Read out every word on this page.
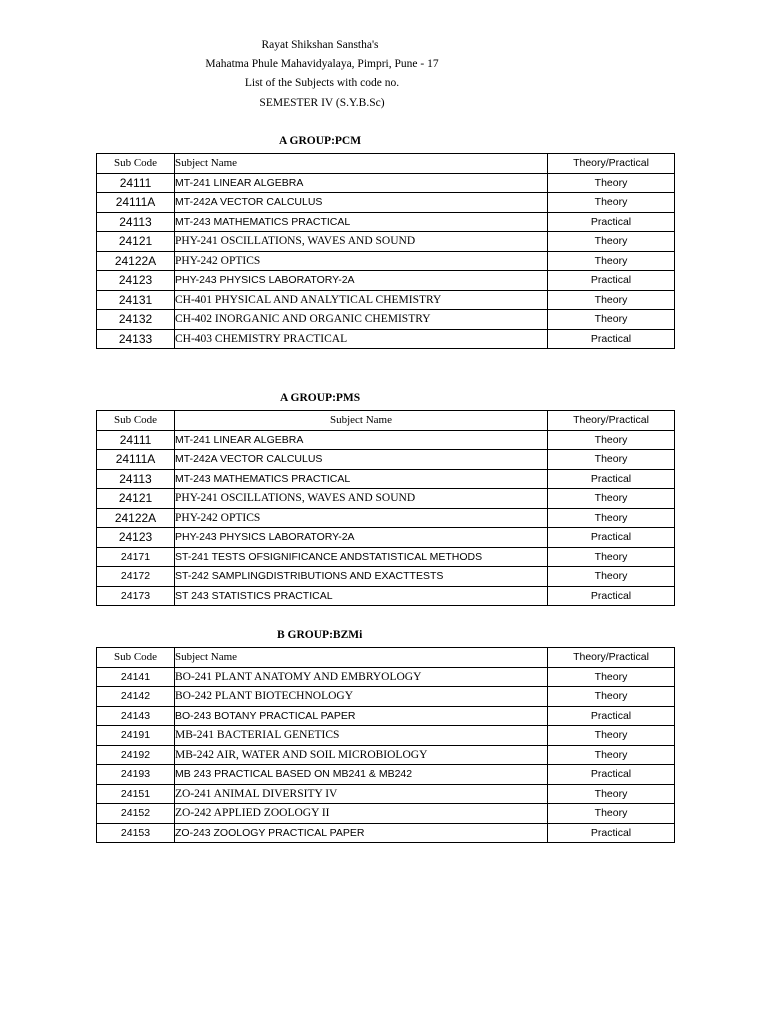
Rayat Shikshan Sanstha's
Mahatma Phule Mahavidyalaya, Pimpri, Pune - 17
List of the Subjects with code no.
SEMESTER IV (S.Y.B.Sc)
A GROUP:PCM
Sub Code	Subject Name	Theory/Practical
24111	MT-241 LINEAR ALGEBRA	Theory
24111A	MT-242A VECTOR CALCULUS	Theory
24113	MT-243 MATHEMATICS PRACTICAL	Practical
24121	PHY-241 OSCILLATIONS, WAVES AND SOUND	Theory
24122A	PHY-242 OPTICS	Theory
24123	PHY-243 PHYSICS LABORATORY-2A	Practical
24131	CH-401 PHYSICAL AND ANALYTICAL CHEMISTRY	Theory
24132	CH-402 INORGANIC AND ORGANIC CHEMISTRY	Theory
24133	CH-403 CHEMISTRY PRACTICAL	Practical
A GROUP:PMS
Sub Code	Subject Name	Theory/Practical
24111	MT-241 LINEAR ALGEBRA	Theory
24111A	MT-242A VECTOR CALCULUS	Theory
24113	MT-243 MATHEMATICS PRACTICAL	Practical
24121	PHY-241 OSCILLATIONS, WAVES AND SOUND	Theory
24122A	PHY-242 OPTICS	Theory
24123	PHY-243 PHYSICS LABORATORY-2A	Practical
24171	ST-241 TESTS OFSIGNIFICANCE ANDSTATISTICAL METHODS	Theory
24172	ST-242 SAMPLINGDISTRIBUTIONS AND EXACTTESTS	Theory
24173	ST 243 STATISTICS PRACTICAL	Practical
B GROUP:BZMi
Sub Code	Subject Name	Theory/Practical
24141	BO-241 PLANT ANATOMY AND EMBRYOLOGY	Theory
24142	BO-242 PLANT BIOTECHNOLOGY	Theory
24143	BO-243 BOTANY PRACTICAL PAPER	Practical
24191	MB-241 BACTERIAL GENETICS	Theory
24192	MB-242 AIR, WATER AND SOIL MICROBIOLOGY	Theory
24193	MB 243 PRACTICAL BASED ON MB241 & MB242	Practical
24151	ZO-241 ANIMAL DIVERSITY IV	Theory
24152	ZO-242 APPLIED ZOOLOGY II	Theory
24153	ZO-243 ZOOLOGY PRACTICAL PAPER	Practical
